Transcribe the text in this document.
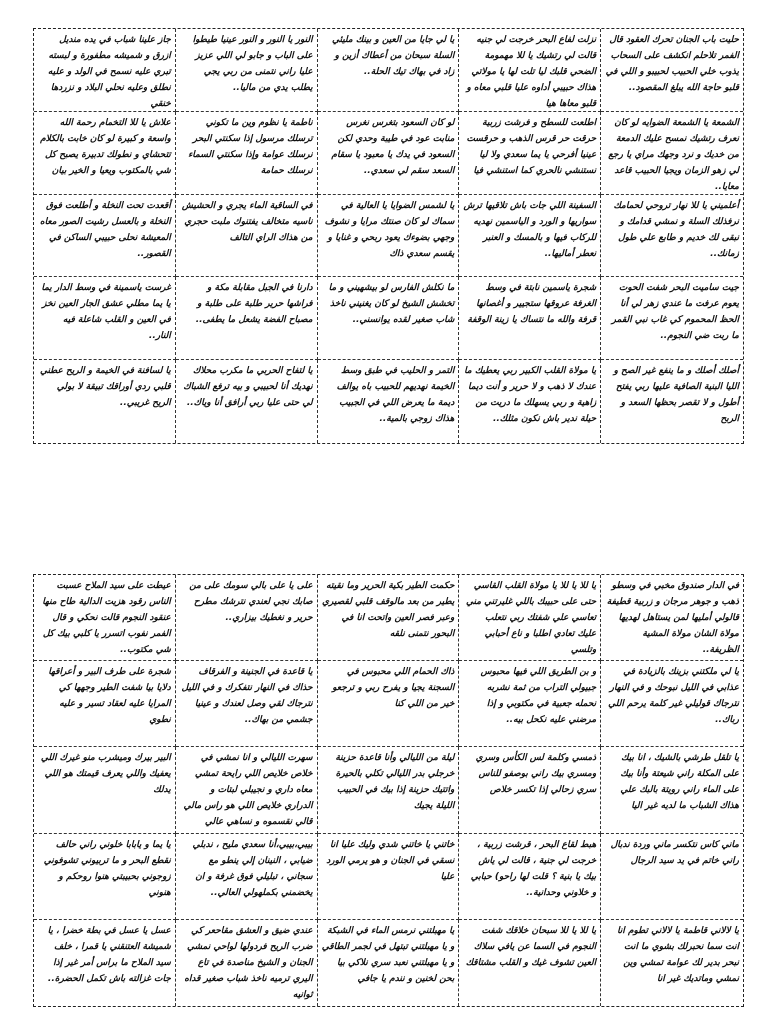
جاز علينا شباب في يده منديل ازرق و شميشه مطفورة و لبسته تبري عليه نسمح في الولد و عليه نطلق وعليه نحلي البلاد و نزردها خنقي
النور يا النور و النور عينيا طيطوا على الباب و جابو لي اللي عزيز عليا راني نتمنى من ربي يجي يطلب يدي من ماليا..
يا لي جايا من العين و بينك مليئي السلة سبحان من أعطاك أزين و زاد في بهاك تيك الحلة..
نزلت لفاع البحر خرجت لي جنيه قالت لي رتشيك يا للا مهمومة الضحي قلبك ليا تلت لها يا مولاتي هذاك حبيبي أداوه عليا قلبي معاه و قلبو معاها هيا
حليت باب الجنان تحرك العقود قال الفمر تلاحلم انكشف على السحاب يذوب خلي الحبيب لحبيبو و اللي في قلبو حاجة الله يبلغ المقصود..
علاش يا للا التخمام رحمة الله واسعة و كبيرة لو كان خابت بالكلام تتحشاي و نطولك تدبيرة يصبح كل شي بالمكتوب ويعيا و الخير بيان
ناطمة يا نظوم وين ما تكوني ترسلك مرسول إذا سكنتي البحر نرسلك عوامة وإذا سكنتي السماء نرسلك حمامة
لو كان السعود بتغرس نغرس منابت عود في طيبة وحدي لكن السعود في يدك يا معبود يا سقام السعد سقم لي سعدي..
اطلعت للسطح و فرشت زربية حرقت حر قرس الذهب و حرقست عينيا أفرحي يا يما سعدي ولا ليا نستنشي نالحري كما استنشي فيا
الشمعة يا الشمعة الضوايه لو كان نعرف رتشيك نمسح عليك الدمعة من خديك و نرد وجهك مراي يا رجع لي زهو الزمان ويجيا الحبيب قاعد معايا..
أقعدت تحت النخلة و أطلعت فوق النخلة و بالعسل رشيت الصور معاه المعيشة نحلى حبيبي الساكن في القصور..
في الساقية الماء يجري و الحشيش ناسيه متخالف يفتنوك ملبت حجري من هذاك الراي التالف
يا لشمس الضوايا يا العالية في سماك لو كان صنتك مرايا و نشوف وجهي بضوءك يعود ربحي و غنايا و يقسم سعدي ذاك
السفينة اللي جات باش تلاقيها ترش سواريها و الورد و الياسمين نهديه للركاب فيها و بالمسك و العنبر نعطر أماليها..
أعلميني يا للا نهار تروحي لحمامك نرفذلك السلة و نمشي قدامك و نبقى لك خديم و طابع علي طول زمانك..
غرست ياسمينة في وسط الدار يما يا يما مطلي عشق الجار العين نخز في العين و القلب شاعلة فيه النار..
دارنا في الجبل مقابلة مكة و فراشها حرير طلبة على طلبة و مصباح الفضة يشعل ما يطفى..
ما نكلش الفارس لو بيشهيني و ما تخشش الشيخ لو كان يغنيني ناخذ شاب صغير لقده يوانسني..
شجرة ياسمين نابتة في وسط الغرفة عروقها ستجيير و أغصانها قرفة والله ما نتساك يا زينة الوقفة
جيت ساميت البحر شفت الحوت يعوم عرفت ما عندي زهر لي أنا الحظ المحموم كي غاب نبي القمر ما ربت ضي النجوم..
يا لسافنة في الخيمة و الريح عطني قلبي ردي أوراقك تبيقة لا بولي الريح غريبي..
يا لتفاح الحربي ما مكرب محلاك نهديك أنا لحبيبي و بيه ترفع الشباك لي حتى عليا ربي أرافق أنا وياك..
التمر و الحليب في طبق وسط الخيمة نهديهم للحبيب باه يوالف ديمة ما يعرض اللي في الجبيب هذاك زوجي بالمية..
يا مولاة القلب الكبير ربي يعطيك ما عندك لا ذهب و لا حرير و أنت ديما زاهية و ربي يسهلك ما دريت من حيلة ندير باش نكون مثلك..
أصلك أصلك و ما ينفع غير الصح و الليا البنية الصافية عليها ربي يفتح أطول و لا تقصر بحظها السعد و الربح
عيطت على سيد الملاح عسبت الناس رقود هزيت الدالية طاح منها عنقود النجوم قالت نحكي و قال الفمر نفوب اتسرر يا كلبي بيك كل شي مكتوب..
على يا على بالي سومك على من صابك نجي لعندي نترشك مطرح حرير و نغطيك بيزاري..
حكمت الطير بكية الحرير وما نقيته يطير من بعد مالوقف قلبي لقصيري وعبر فصر العين واتحت انا في البحور نتمنى نلقه
يا للا يا للا يا مولاة القلب القاسي حتى على حبيبك باللي غليرتني مني تعاسي علي شفتك ربي نتعلب عليك تعادي اطلبا و ناع أحبابي وتلسي
في الدار صندوق مخبي في وسطو ذهب و جوهر مرجان و زربية قطيفة قالولي أمليها لمن يستاهل لهديها مولاة الشان مولاة المشية الظريفة..
شجرة على طرف البير و أعراقها دلايا بيا شفت الطير وجهها كي المرايا عليه لعقاد تسير و عليه نطوي
يا قاعدة في الجنينة و الفرقاف حذاك في النهار نتفكرك و في الليل نترجاك لقي وصل لعندك و عينيا جشمي من بهاك..
ذاك الحمام اللي محبوس في السجنة يجيا و يفرح ربي و ترجعو خير من اللي كنا
و بن الطريق اللي فيها محبوس جبيولي التراب من ثمة نشربه نحمله جعبية في مكتوبي و إذا مرضني عليه نكحل بيه..
يا لي ملكتني بزينك بالزيادة في عذابي في الليل نبوحك و في النهار نترجاك قوليلي غير كلمة يرحم اللي رباك..
البير بيرك وميشرب منو غيرك اللي يعفيك واللي يعرف قيمتك هو اللي يدلك
سهرت الليالي و انا نمشي في خلاص خلايص اللي رايحة تمشي معاه داري و نجيبلي لبتات و الدراري خلايص اللي هو راس مالي قالي نقسموه و نساهي عالي
ليلة من الليالي وأنا قاعدة حزينة خرجلي بدر الليالي تكلي بالحيرة واتتيك حزينة إذا بيك في الحبيب الليلة يجيك
ذمسي وكلمة لس الكأس وسري ومسري بيك راني بوصفو للناس سري زحالي إذا تكسر خلاص
يا تلقل طرشي بالشيك ، انا بيك على المكلة راني شيعتة وأنا بيك على الماء راني رويتة بالبك علي هذاك الشباب ما لديه غير اليا
يا يما و يابابا خلوني راني حالف نقطع البحر و ما تربيوني تشوفوني زوجوني بحبيبتي هنوا روحكم و هنوني
بيبي،بيبي،أنا سعدي مليح ، ندبلي ضيابي ، النينان إلي ينطو مع سجاني ، تبليلي فوق غرفة و ان يخضمني بكملهولي العالي..
خاتني يا خاتني شدي وليك عليا انا نسقي في الجنان و هو يرمي الورد عليا
هبط لقاع البحر ، قرشت زربية ، خرجت لي جنية ، قالت لي ياش بيك يا بنية ؟ قلت لها راحو) حبابي و خلاوني وحدانية..
ماني كاس نتكسر ماني وردة ندبال راني خاتم في يد سيد الرجال
عسل يا عسل في بطة خضرا ، يا شميشة العتنقني يا قمرا ، خلف سيد الملاح ما براس أمر غير إذا جات غزالته باش تكمل الحضرة..
عندي ضيق و العشق مقاحعر كي ضرب الريح فردولها لواحي نمشي الجنان و الشيخ مناصدة في تاع اليري ترميه ناخذ شباب صغير قداه ثوانيه
يا مهبلتني نرمس الماء في الشبكة و يا مهبلتني تبتهل في لجمر الطاقي و يا مهبلتني نعبد سري نلاكي بيا بحن لخنين و نندم يا جافي
يا للا يا للا سبحان خلاقك شفت النجوم في السما عن يافي سلاك العين تشوف غيك و القلب مشتاقك
يا لالاني قاطمة يا لالاني تطوم انا انت سما نحبرلك بشوي ما انت نبحر بدير لك عوامة تمشي وين نمشي وماتديك غير انا
